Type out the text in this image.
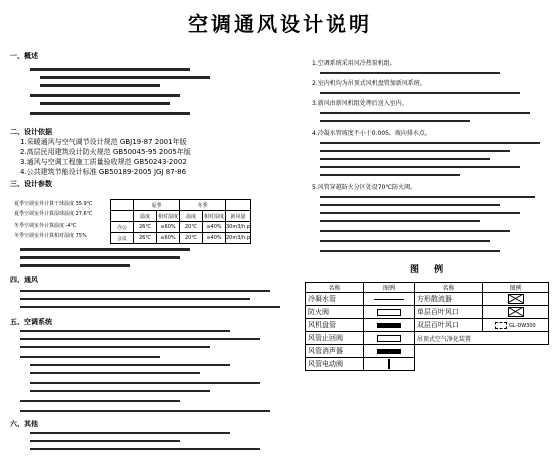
空调通风设计说明
一、概述
二、设计依据
1.采暖通风与空气调节设计规范 GBJ19-87 2001年版
2.高层民用建筑设计防火规范 GB50045-95 2005年版
3.通风与空调工程施工质量验收规范 GB50243-2002
4.公共建筑节能设计标准 GB50189-2005 JGJ 87-86
三、设计参数
夏季空调室外计算干球温度 35.9℃
夏季空调室外计算湿球温度 27.6℃
冬季空调室外计算温度 -4℃
冬季空调室外计算相对湿度 75%
	夏季		冬季		
	温度	相对湿度	温度	相对湿度	新风量
办公	26℃	≤60%	20℃	≥40%	30m3/h.p
会议	26℃	≤60%	20℃	≥40%	20m3/h.p
四、通风
五、空调系统
六、其他
1.空调系统采用风冷热泵机组。
2.室内机均为吊顶式风机盘管加新风系统。
3.新风由新风机组处理后送入室内。
4.冷凝水管坡度不小于0.005，坡向排水点。
5.风管穿越防火分区处设70℃防火阀。
图 例
名称	图例	名称	图例
冷凝水管		方形散流器	
防火阀		单层百叶风口	
风机盘管		双层百叶风口	GL-DW300
风管止回阀		吊顶式空气净化装置	
风管消声器			
风管电动阀			
